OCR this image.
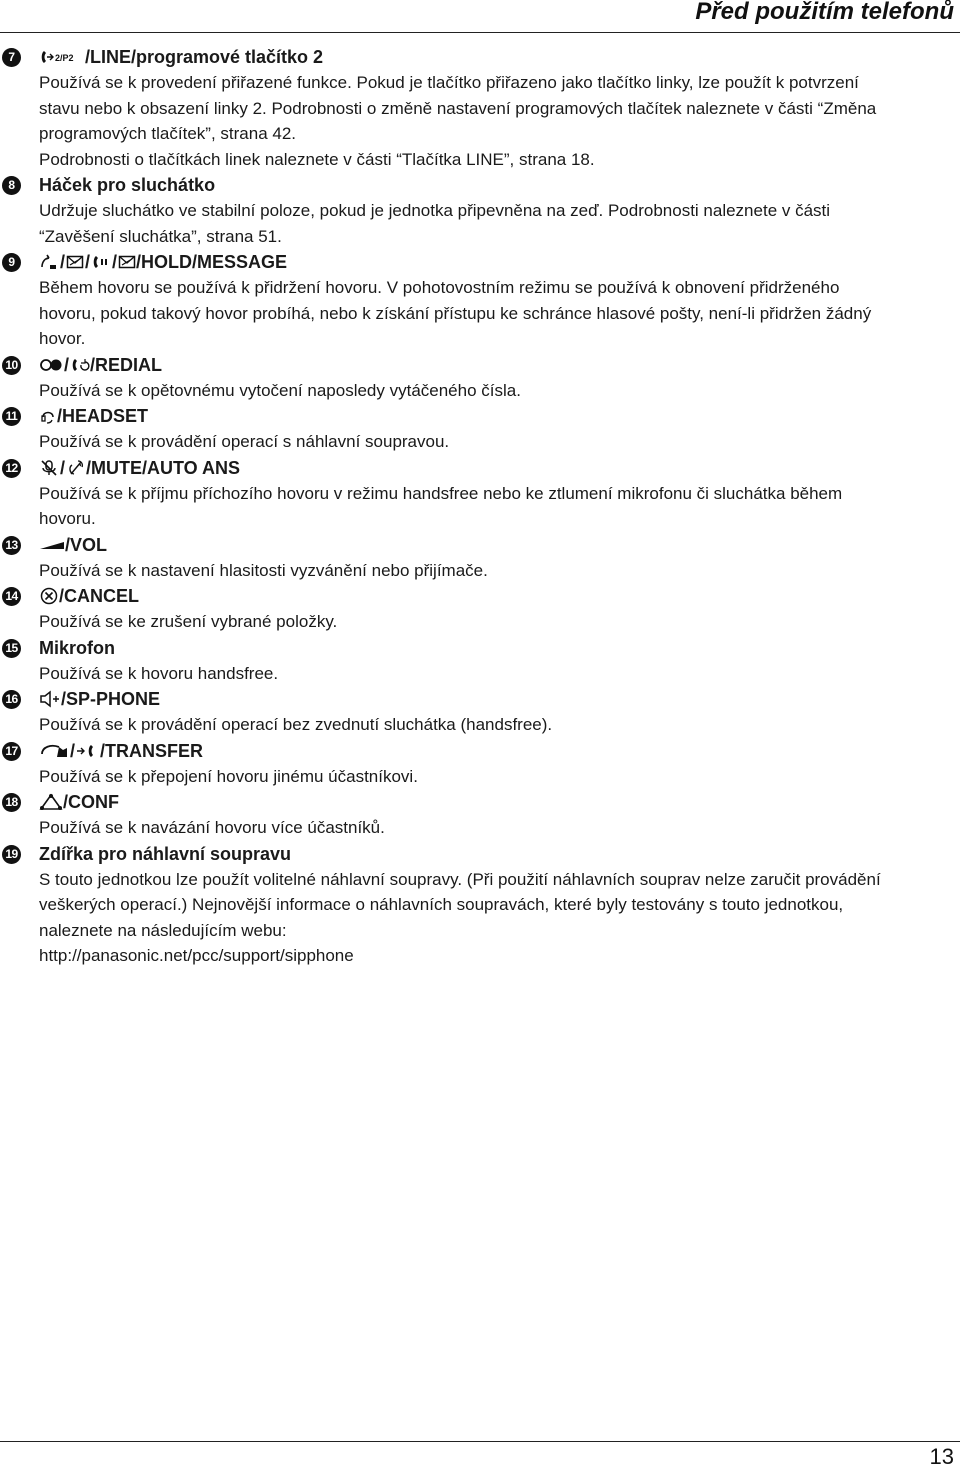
Před použitím telefonů
7	2/P2 /LINE/programové tlačítko 2
Používá se k provedení přiřazené funkce. Pokud je tlačítko přiřazeno jako tlačítko linky, lze použít k potvrzení
stavu nebo k obsazení linky 2. Podrobnosti o změně nastavení programových tlačítek naleznete v části “Změna
programových tlačítek”, strana 42.
Podrobnosti o tlačítkách linek naleznete v části “Tlačítka LINE”, strana 18.
8	Háček pro sluchátko
Udržuje sluchátko ve stabilní poloze, pokud je jednotka připevněna na zeď. Podrobnosti naleznete v části
“Zavěšení sluchátka”, strana 51.
9	/ / / /HOLD/MESSAGE
Během hovoru se používá k přidržení hovoru. V pohotovostním režimu se používá k obnovení přidrženého
hovoru, pokud takový hovor probíhá, nebo k získání přístupu ke schránce hlasové pošty, není-li přidržen žádný
hovor.
10	/ /REDIAL
Používá se k opětovnému vytočení naposledy vytáčeného čísla.
11 /HEADSET
Používá se k provádění operací s náhlavní soupravou.
12 / /MUTE/AUTO ANS
Používá se k příjmu příchozího hovoru v režimu handsfree nebo ke ztlumení mikrofonu či sluchátka během
hovoru.
13	/VOL
Používá se k nastavení hlasitosti vyzvánění nebo přijímače.
14 /CANCEL
Používá se ke zrušení vybrané položky.
15 Mikrofon
Používá se k hovoru handsfree.
16 /SP-PHONE
Používá se k provádění operací bez zvednutí sluchátka (handsfree).
17	/ /TRANSFER
Používá se k přepojení hovoru jinému účastníkovi.
18	/CONF
Používá se k navázání hovoru více účastníků.
19 Zdířka pro náhlavní soupravu
S touto jednotkou lze použít volitelné náhlavní soupravy. (Při použití náhlavních souprav nelze zaručit provádění
veškerých operací.) Nejnovější informace o náhlavních soupravách, které byly testovány s touto jednotkou,
naleznete na následujícím webu:
http://panasonic.net/pcc/support/sipphone
13
